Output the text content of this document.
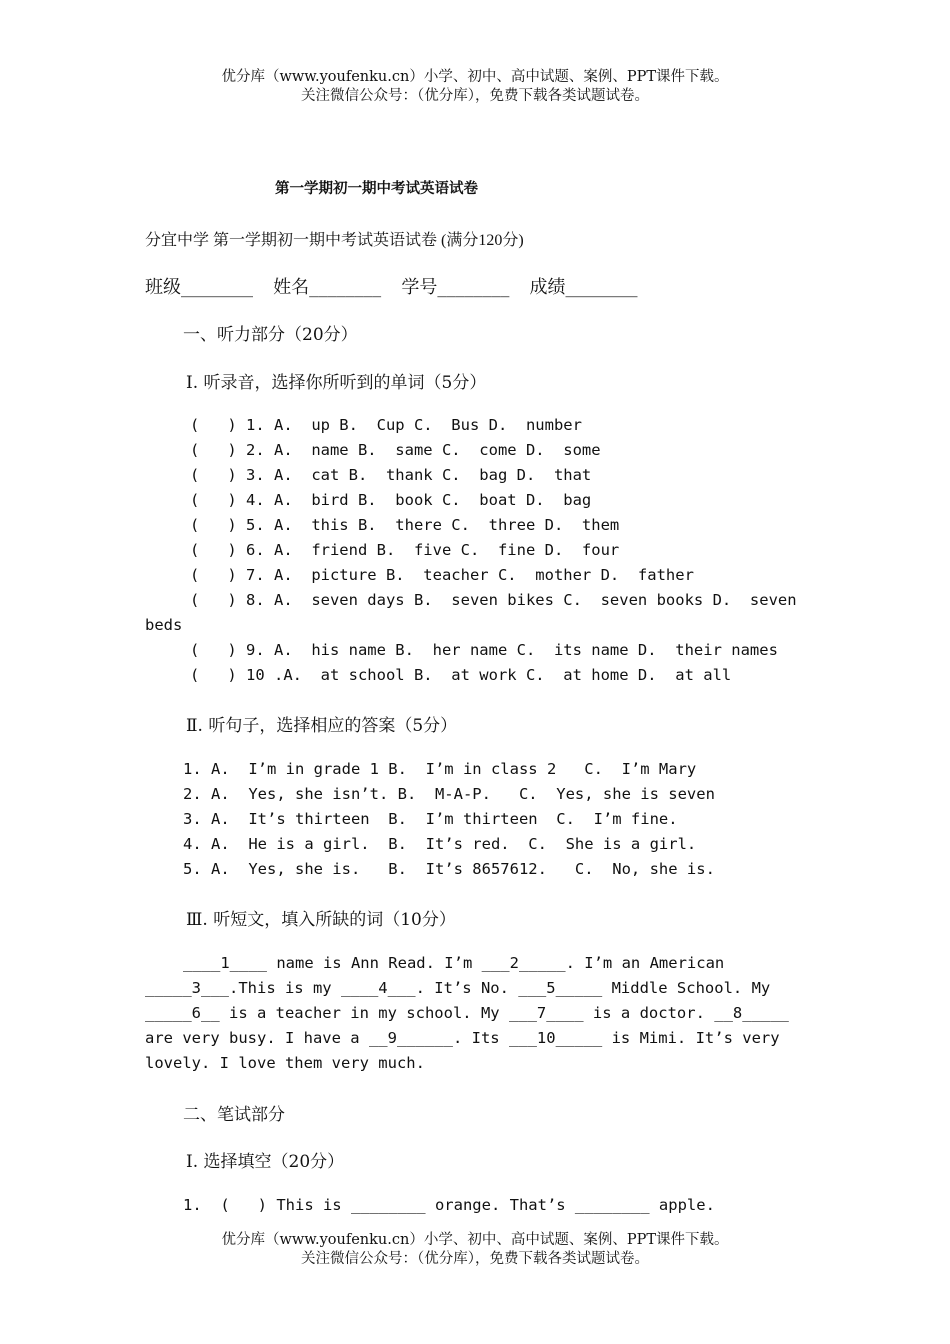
优分库（www.youfenku.cn）小学、初中、高中试题、案例、PPT课件下载。
关注微信公众号：（优分库），免费下载各类试题试卷。
第一学期初一期中考试英语试卷
分宜中学 第一学期初一期中考试英语试卷 (满分120分)
班级________   姓名________   学号________   成绩________
一、听力部分（20分）
Ⅰ. 听录音，选择你所听到的单词（5分）
(   ) 1. A.  up B.  Cup C.  Bus D.  number
(   ) 2. A.  name B.  same C.  come D.  some
(   ) 3. A.  cat B.  thank C.  bag D.  that
(   ) 4. A.  bird B.  book C.  boat D.  bag
(   ) 5. A.  this B.  there C.  three D.  them
(   ) 6. A.  friend B.  five C.  fine D.  four
(   ) 7. A.  picture B.  teacher C.  mother D.  father
(   ) 8. A.  seven days B.  seven bikes C.  seven books D.  seven
beds
(   ) 9. A.  his name B.  her name C.  its name D.  their names
(   ) 10 .A.  at school B.  at work C.  at home D.  at all
Ⅱ. 听句子，选择相应的答案（5分）
1. A.  I’m in grade 1 B.  I’m in class 2   C.  I’m Mary
2. A.  Yes, she isn’t. B.  M-A-P.   C.  Yes, she is seven
3. A.  It’s thirteen  B.  I’m thirteen  C.  I’m fine.
4. A.  He is a girl.  B.  It’s red.  C.  She is a girl.
5. A.  Yes, she is.   B.  It’s 8657612.   C.  No, she is.
Ⅲ. 听短文，填入所缺的词（10分）
____1____ name is Ann Read. I’m ___2_____. I’m an American
_____3___.This is my ____4___. It’s No. ___5_____ Middle School. My
_____6__ is a teacher in my school. My ___7____ is a doctor. __8_____
are very busy. I have a __9______. Its ___10_____ is Mimi. It’s very
lovely. I love them very much.
二、笔试部分
Ⅰ. 选择填空（20分）
1.  (   ) This is ________ orange. That’s ________ apple.
优分库（www.youfenku.cn）小学、初中、高中试题、案例、PPT课件下载。
关注微信公众号：（优分库），免费下载各类试题试卷。
